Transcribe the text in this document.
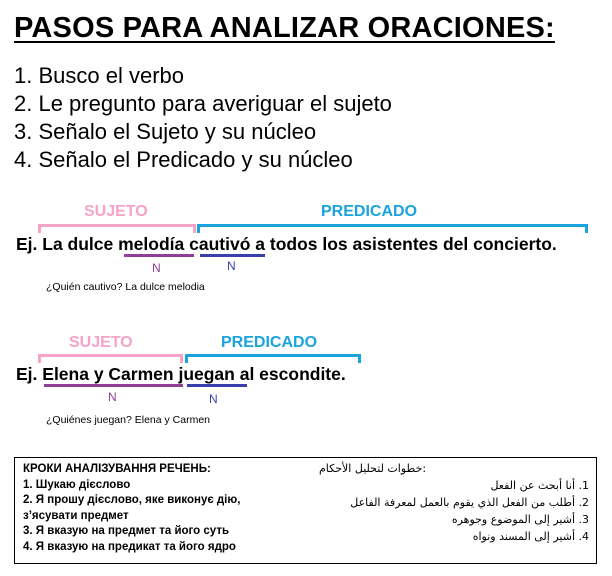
PASOS PARA ANALIZAR ORACIONES:
1. Busco el verbo
2. Le pregunto para averiguar el sujeto
3. Señalo el Sujeto y su núcleo
4. Señalo el Predicado y su núcleo
SUJETO	PREDICADO
Ej. La dulce melodía cautivó a todos los asistentes del concierto.
N	N
¿Quién cautivo? La dulce melodia
SUJETO	PREDICADO
Ej. Elena y Carmen juegan al escondite.
N	N
¿Quiénes juegan? Elena y Carmen
КРОКИ АНАЛІЗУВАННЯ РЕЧЕНЬ:
1. Шукаю дієслово
2. Я прошу дієслово, яке виконує дію,
з’ясувати предмет
3. Я вказую на предмет та його суть
4. Я вказую на предикат та його ядро
:خطوات لتحليل الأحكام
1. أنا أبحث عن الفعل
2. أطلب من الفعل الذي يقوم بالعمل لمعرفة الفاعل
3. أشير إلى الموضوع وجوهره
4. أشير إلى المسند ونواه
